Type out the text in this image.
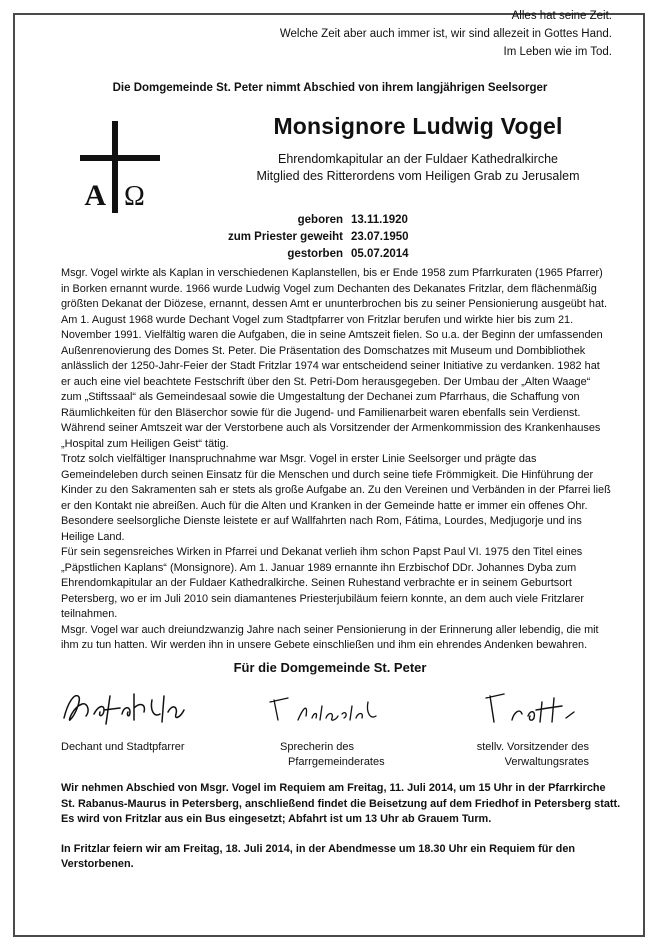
Alles hat seine Zeit.
Welche Zeit aber auch immer ist, wir sind allezeit in Gottes Hand.
Im Leben wie im Tod.
Die Domgemeinde St. Peter nimmt Abschied von ihrem langjährigen Seelsorger
A Ω
Monsignore Ludwig Vogel
Ehrendomkapitular an der Fuldaer Kathedralkirche
Mitglied des Ritterordens vom Heiligen Grab zu Jerusalem
geboren 13.11.1920
zum Priester geweiht 23.07.1950
gestorben 05.07.2014

Msgr. Vogel wirkte als Kaplan in verschiedenen Kaplanstellen, bis er Ende 1958 zum Pfarrkuraten (1965 Pfarrer) in Borken ernannt wurde. 1966 wurde Ludwig Vogel zum Dechanten des Dekanates Fritzlar, dem flächenmäßig größten Dekanat der Diözese, ernannt, dessen Amt er ununterbrochen bis zu seiner Pensionierung ausgeübt hat.

Am 1. August 1968 wurde Dechant Vogel zum Stadtpfarrer von Fritzlar berufen und wirkte hier bis zum 21. November 1991. Vielfältig waren die Aufgaben, die in seine Amtszeit fielen. So u.a. der Beginn der umfassenden Außenrenovierung des Domes St. Peter. Die Präsentation des Domschatzes mit Museum und Dombibliothek anlässlich der 1250-Jahr-Feier der Stadt Fritzlar 1974 war entscheidend seiner Initiative zu verdanken. 1982 hat er auch eine viel beachtete Festschrift über den St. Petri-Dom herausgegeben. Der Umbau der „Alten Waage“ zum „Stiftssaal“ als Gemeindesaal sowie die Umgestaltung der Dechanei zum Pfarrhaus, die Schaffung von Räumlichkeiten für den Bläserchor sowie für die Jugend- und Familienarbeit waren ebenfalls sein Verdienst. Während seiner Amtszeit war der Verstorbene auch als Vorsitzender der Armenkommission des Krankenhauses „Hospital zum Heiligen Geist“ tätig.

Trotz solch vielfältiger Inanspruchnahme war Msgr. Vogel in erster Linie Seelsorger und prägte das Gemeindeleben durch seinen Einsatz für die Menschen und durch seine tiefe Frömmigkeit. Die Hinführung der Kinder zu den Sakramenten sah er stets als große Aufgabe an. Zu den Vereinen und Verbänden in der Pfarrei ließ er den Kontakt nie abreißen. Auch für die Alten und Kranken in der Gemeinde hatte er immer ein offenes Ohr. Besondere seelsorgliche Dienste leistete er auf Wallfahrten nach Rom, Fátima, Lourdes, Medjugorje und ins Heilige Land.

Für sein segensreiches Wirken in Pfarrei und Dekanat verlieh ihm schon Papst Paul VI. 1975 den Titel eines „Päpstlichen Kaplans“ (Monsignore). Am 1. Januar 1989 ernannte ihn Erzbischof DDr. Johannes Dyba zum Ehrendomkapitular an der Fuldaer Kathedralkirche. Seinen Ruhestand verbrachte er in seinem Geburtsort Petersberg, wo er im Juli 2010 sein diamantenes Priesterjubiläum feiern konnte, an dem auch viele Fritzlarer teilnahmen.

Msgr. Vogel war auch dreiundzwanzig Jahre nach seiner Pensionierung in der Erinnerung aller lebendig, die mit ihm zu tun hatten. Wir werden ihn in unsere Gebete einschließen und ihm ein ehrendes Andenken bewahren.

Für die Domgemeinde St. Peter
Dechant und Stadtpfarrer	Sprecherin des
Pfarrgemeinderates
stellv. Vorsitzender des
Verwaltungsrates

Wir nehmen Abschied von Msgr. Vogel im Requiem am Freitag, 11. Juli 2014, um 15 Uhr in der Pfarrkirche St. Rabanus-Maurus in Petersberg, anschließend findet die Beisetzung auf dem Friedhof in Petersberg statt.

Es wird von Fritzlar aus ein Bus eingesetzt; Abfahrt ist um 13 Uhr ab Grauem Turm.

In Fritzlar feiern wir am Freitag, 18. Juli 2014, in der Abendmesse um 18.30 Uhr ein Requiem für den Verstorbenen.
